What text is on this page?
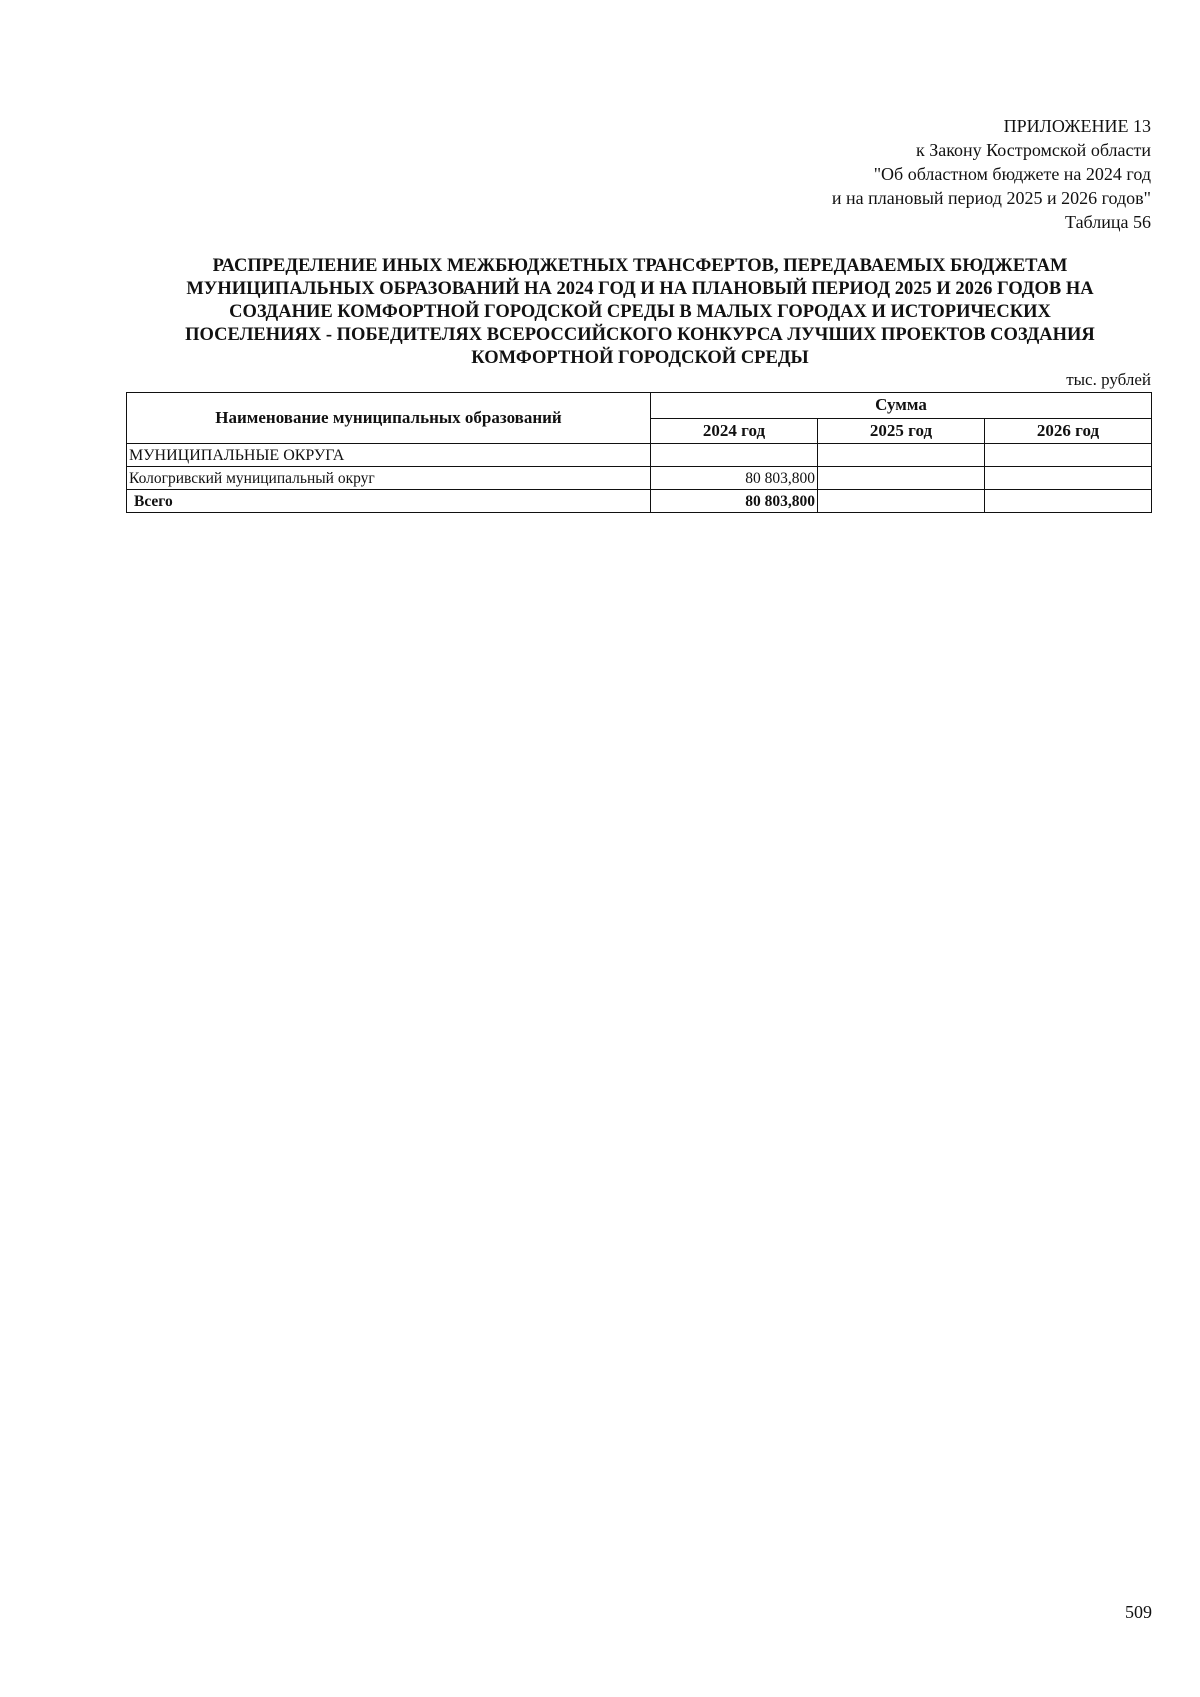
ПРИЛОЖЕНИЕ 13
к Закону Костромской области
"Об областном бюджете на 2024 год
и на плановый период 2025 и 2026 годов"
Таблица 56
РАСПРЕДЕЛЕНИЕ ИНЫХ МЕЖБЮДЖЕТНЫХ ТРАНСФЕРТОВ, ПЕРЕДАВАЕМЫХ БЮДЖЕТАМ
МУНИЦИПАЛЬНЫХ ОБРАЗОВАНИЙ НА 2024 ГОД И НА ПЛАНОВЫЙ ПЕРИОД 2025 И 2026 ГОДОВ НА
СОЗДАНИЕ КОМФОРТНОЙ ГОРОДСКОЙ СРЕДЫ В МАЛЫХ ГОРОДАХ И ИСТОРИЧЕСКИХ
ПОСЕЛЕНИЯХ - ПОБЕДИТЕЛЯХ ВСЕРОССИЙСКОГО КОНКУРСА ЛУЧШИХ ПРОЕКТОВ СОЗДАНИЯ
КОМФОРТНОЙ ГОРОДСКОЙ СРЕДЫ
тыс. рублей
Наименование муниципальных образований	Сумма		
	2024 год	2025 год	2026 год
МУНИЦИПАЛЬНЫЕ ОКРУГА			
Кологривский муниципальный округ	80 803,800		
Всего	80 803,800		
509
